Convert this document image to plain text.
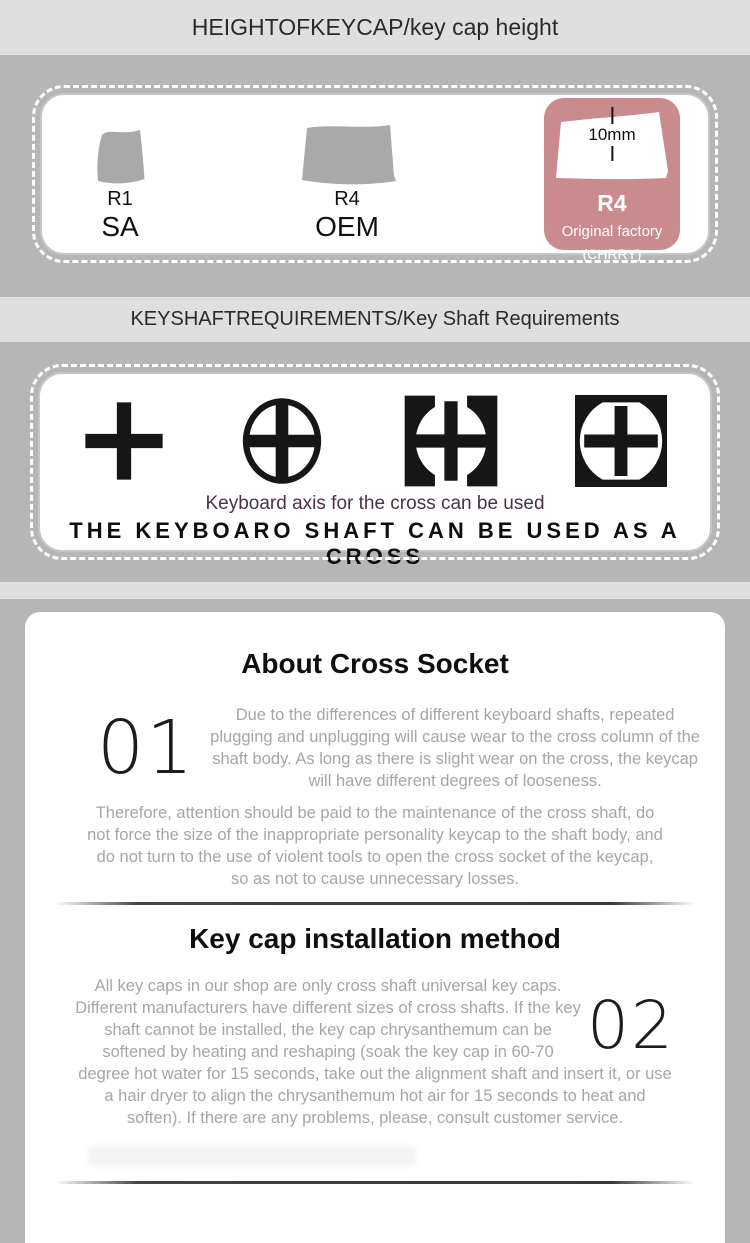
HEIGHTOFKEYCAP/key cap height
R1
SA
R4
OEM
10mm
R4
Original factory
(CHRRY)
KEYSHAFTREQUIREMENTS/Key Shaft Requirements
Keyboard axis for the cross can be used
THE KEYBOARO SHAFT CAN BE USED AS A CROSS
About Cross Socket
01	Due to the differences of different keyboard shafts, repeated plugging and unplugging will cause wear to the cross column of the shaft body. As long as there is slight wear on the cross, the keycap will have different degrees of looseness.

Therefore, attention should be paid to the maintenance of the cross shaft, do not force the size of the inappropriate personality keycap to the shaft body, and do not turn to the use of violent tools to open the cross socket of the keycap, so as not to cause unnecessary losses.

Key cap installation method
02

All key caps in our shop are only cross shaft universal key caps. Different manufacturers have different sizes of cross shafts. If the key shaft cannot be installed, the key cap chrysanthemum can be softened by heating and reshaping (soak the key cap in 60-70 degree hot water for 15 seconds, take out the alignment shaft and insert it, or use a hair dryer to align the chrysanthemum hot air for 15 seconds to heat and soften). If there are any problems, please, consult customer service.
